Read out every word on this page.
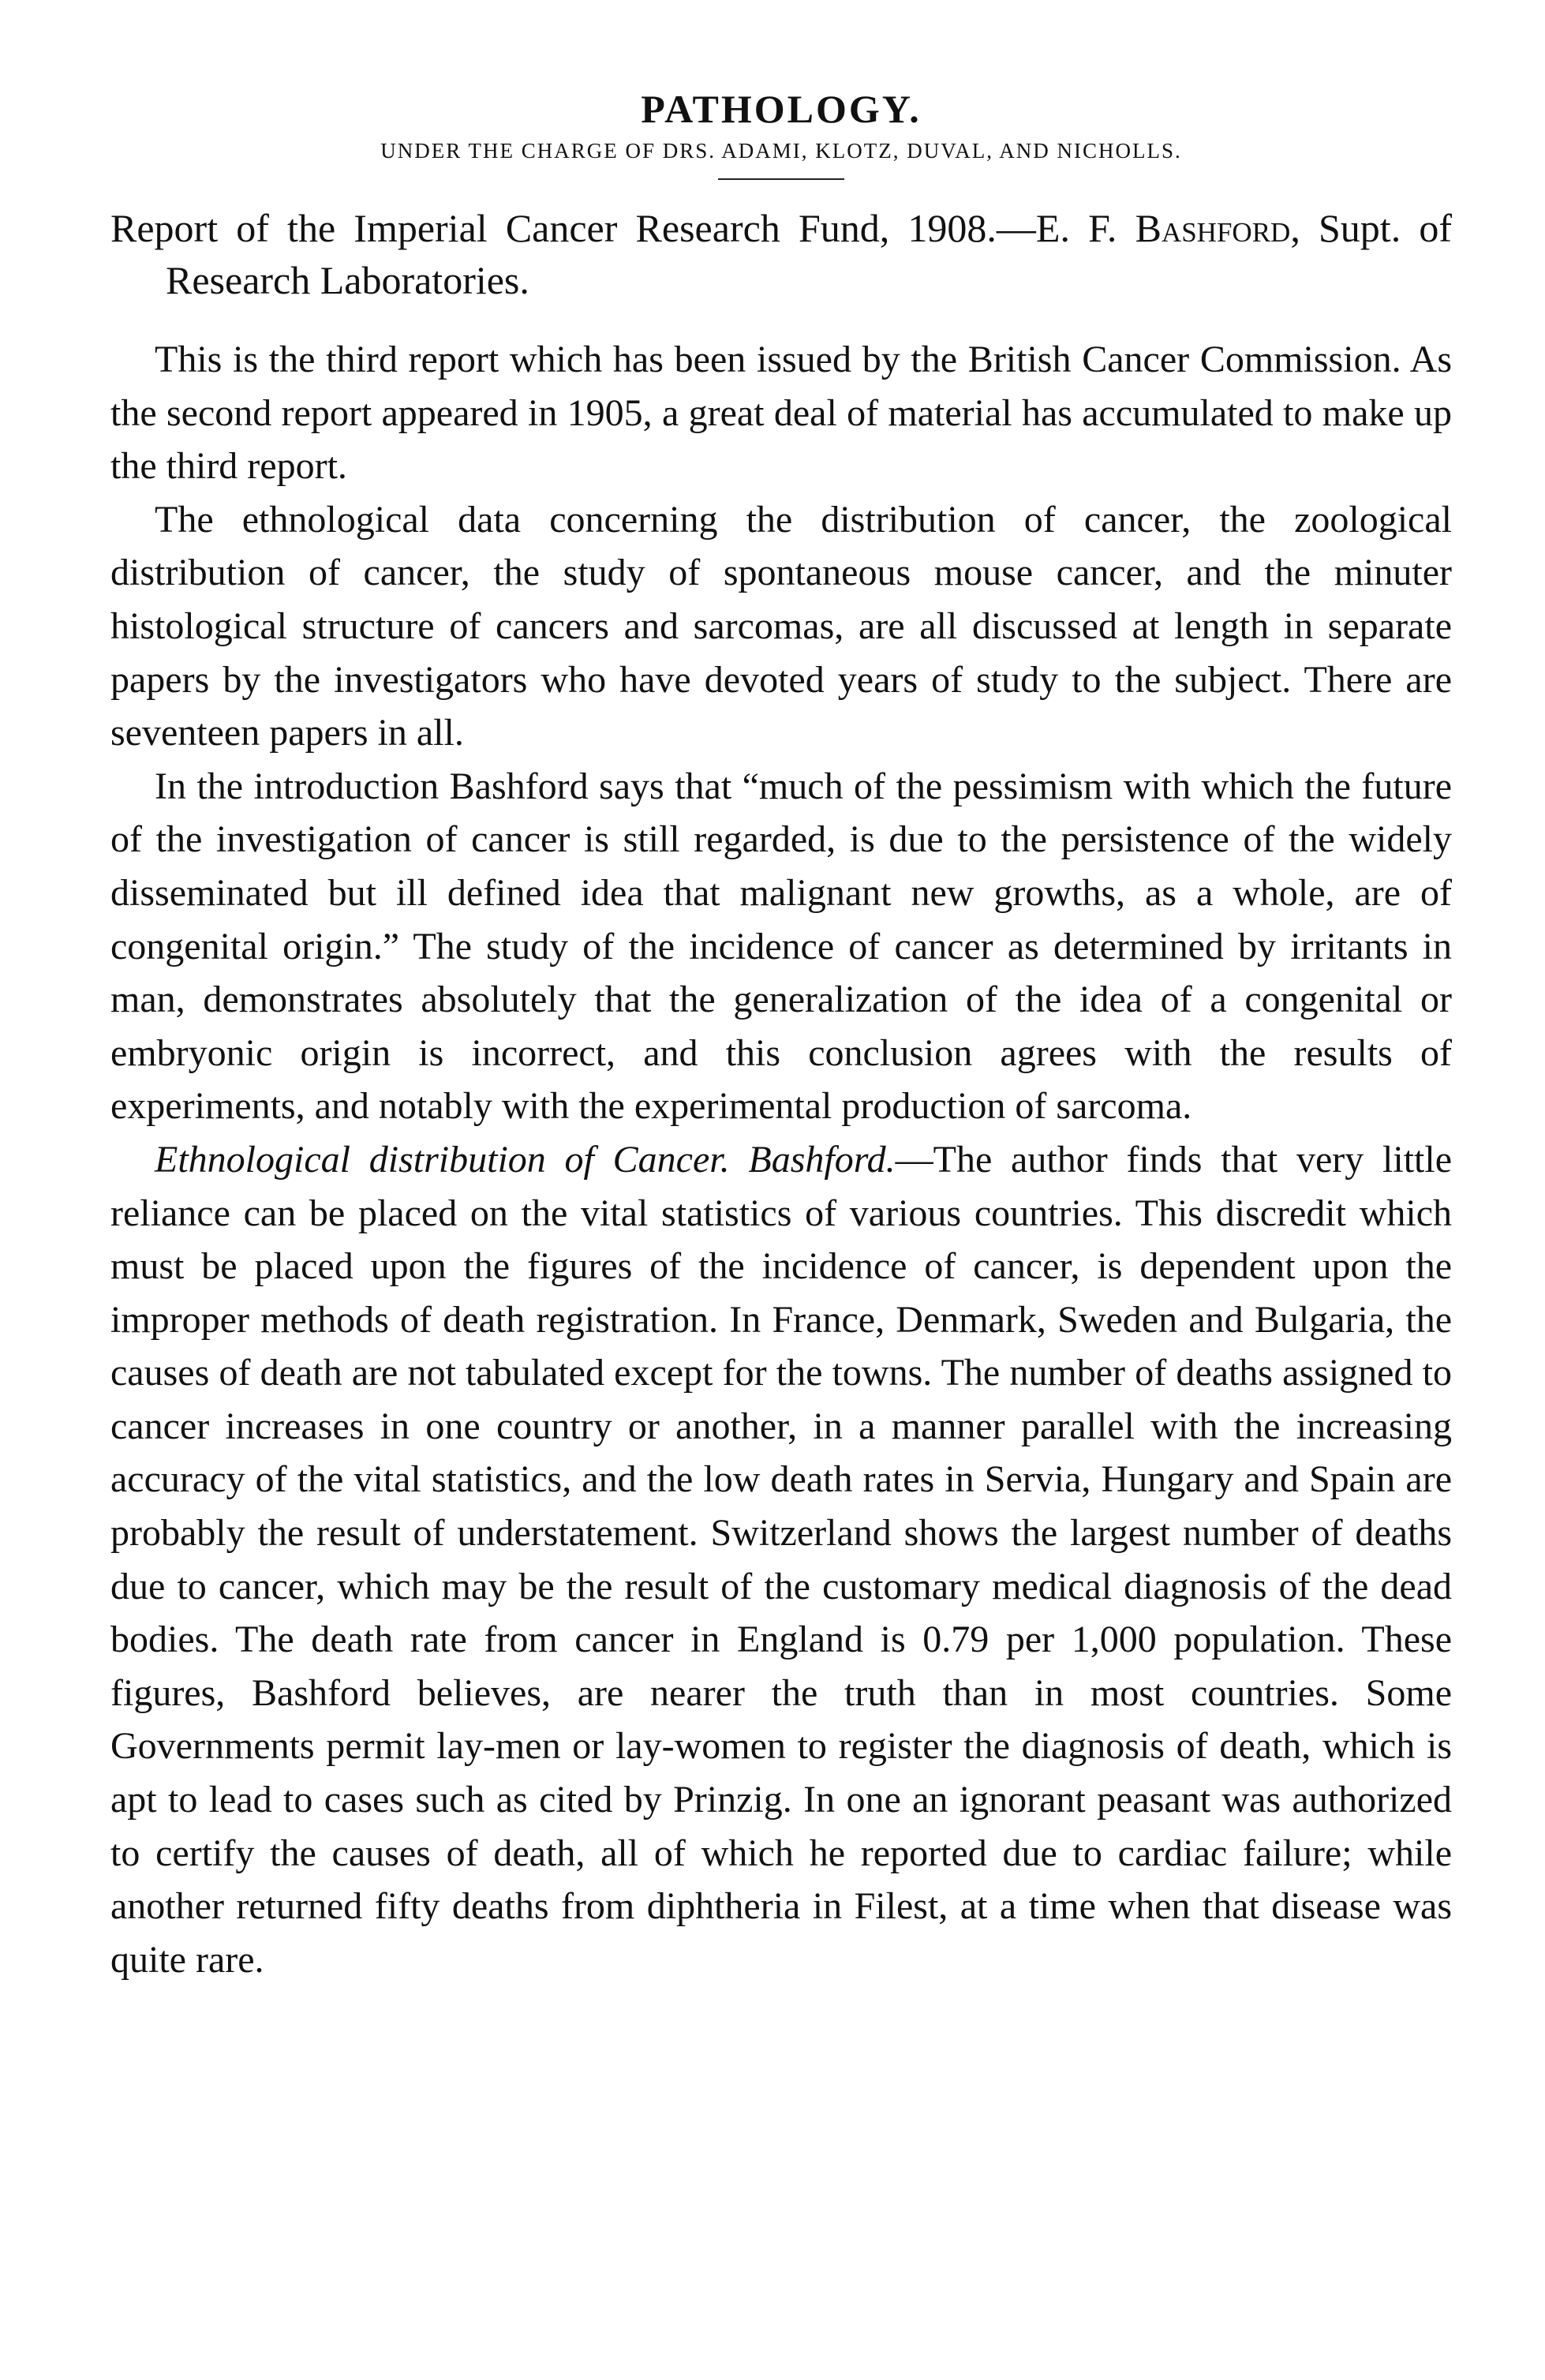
PATHOLOGY.
UNDER THE CHARGE OF DRS. ADAMI, KLOTZ, DUVAL, AND NICHOLLS.
Report of the Imperial Cancer Research Fund, 1908.—E. F. Bashford, Supt. of Research Laboratories.

This is the third report which has been issued by the British Cancer Commission. As the second report appeared in 1905, a great deal of material has accumulated to make up the third report.

The ethnological data concerning the distribution of cancer, the zoological distribution of cancer, the study of spontaneous mouse cancer, and the minuter histological structure of cancers and sarcomas, are all discussed at length in separate papers by the investigators who have devoted years of study to the subject. There are seventeen papers in all.

In the introduction Bashford says that “much of the pessimism with which the future of the investigation of cancer is still regarded, is due to the persistence of the widely disseminated but ill defined idea that malignant new growths, as a whole, are of congenital origin.” The study of the incidence of cancer as determined by irritants in man, demonstrates absolutely that the generalization of the idea of a congenital or embryonic origin is incorrect, and this conclusion agrees with the results of experiments, and notably with the experimental production of sarcoma.

Ethnological distribution of Cancer. Bashford.—The author finds that very little reliance can be placed on the vital statistics of various countries. This discredit which must be placed upon the figures of the incidence of cancer, is dependent upon the improper methods of death registration. In France, Denmark, Sweden and Bulgaria, the causes of death are not tabulated except for the towns. The number of deaths assigned to cancer increases in one country or another, in a manner parallel with the increasing accuracy of the vital statistics, and the low death rates in Servia, Hungary and Spain are probably the result of understatement. Switzerland shows the largest number of deaths due to cancer, which may be the result of the customary medical diagnosis of the dead bodies. The death rate from cancer in England is 0.79 per 1,000 population. These figures, Bashford believes, are nearer the truth than in most countries. Some Governments permit lay-men or lay-women to register the diagnosis of death, which is apt to lead to cases such as cited by Prinzig. In one an ignorant peasant was authorized to certify the causes of death, all of which he reported due to cardiac failure; while another returned fifty deaths from diphtheria in Filest, at a time when that disease was quite rare.
